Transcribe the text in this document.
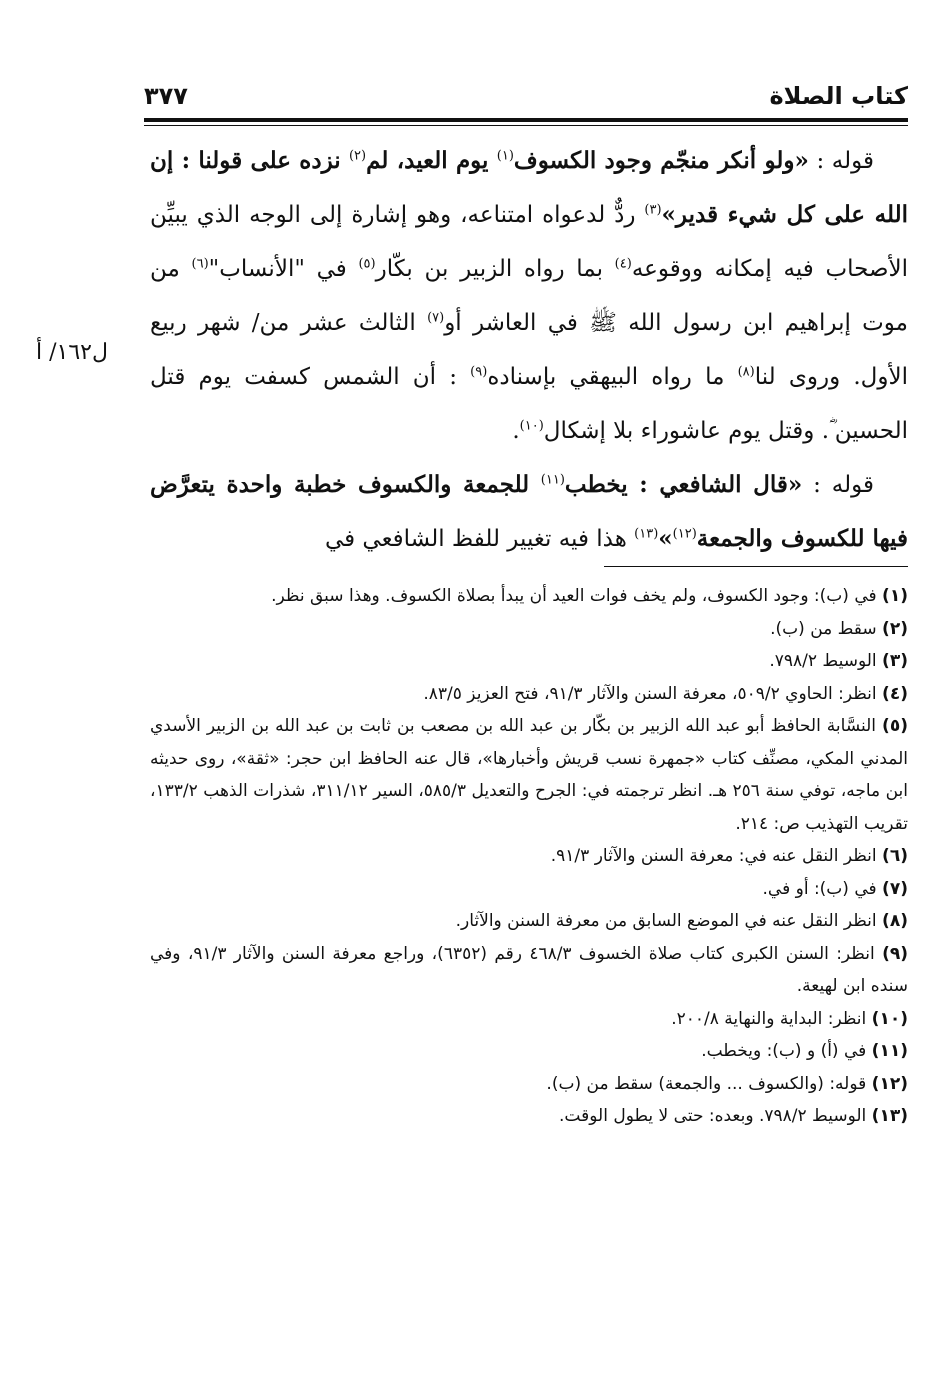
كتاب الصلاة
٣٧٧
ل١٦٢/ أ

قوله : «ولو أنكر منجّم وجود الكسوف$^{(١)}$ يوم العيد، لم$^{(٢)}$ نزده على قولنا : إن الله على كل شيء قدير»$^{(٣)}$ ردٌّ لدعواه امتناعه، وهو إشارة إلى الوجه الذي يبيِّن الأصحاب فيه إمكانه ووقوعه$^{(٤)}$ بما رواه الزبير بن بكّار$^{(٥)}$ في "الأنساب"$^{(٦)}$ من موت إبراهيم ابن رسول الله ﷺ في العاشر أو$^{(٧)}$ الثالث عشر من/ شهر ربيع الأول. وروى لنا$^{(٨)}$ ما رواه البيهقي بإسناده$^{(٩)}$ : أن الشمس كسفت يوم قتل الحسين ؓ. وقتل يوم عاشوراء بلا إشكال$^{(١٠)}$.

قوله : «قال الشافعي : يخطب$^{(١١)}$ للجمعة والكسوف خطبة واحدة يتعرَّض فيها للكسوف والجمعة$^{(١٢)}$»$^{(١٣)}$ هذا فيه تغيير للفظ الشافعي في

(١) في (ب): وجود الكسوف، ولم يخف فوات العيد أن يبدأ بصلاة الكسوف. وهذا سبق نظر.

(٢) سقط من (ب).

(٣) الوسيط ٧٩٨/٢.

(٤) انظر: الحاوي ٥٠٩/٢، معرفة السنن والآثار ٩١/٣، فتح العزيز ٨٣/٥.

(٥) النسَّابة الحافظ أبو عبد الله الزبير بن بكّار بن عبد الله بن مصعب بن ثابت بن عبد الله بن الزبير الأسدي المدني المكي، مصنِّف كتاب «جمهرة نسب قريش وأخبارها»، قال عنه الحافظ ابن حجر: «ثقة»، روى حديثه ابن ماجه، توفي سنة ٢٥٦ هـ. انظر ترجمته في: الجرح والتعديل ٥٨٥/٣، السير ٣١١/١٢، شذرات الذهب ١٣٣/٢، تقريب التهذيب ص: ٢١٤.

(٦) انظر النقل عنه في: معرفة السنن والآثار ٩١/٣.

(٧) في (ب): أو في.

(٨) انظر النقل عنه في الموضع السابق من معرفة السنن والآثار.

(٩) انظر: السنن الكبرى كتاب صلاة الخسوف ٤٦٨/٣ رقم (٦٣٥٢)، وراجع معرفة السنن والآثار ٩١/٣، وفي سنده ابن لهيعة.

(١٠) انظر: البداية والنهاية ٢٠٠/٨.

(١١) في (أ) و (ب): ويخطب.

(١٢) قوله: (والكسوف ... والجمعة) سقط من (ب).

(١٣) الوسيط ٧٩٨/٢. وبعده: حتى لا يطول الوقت.
